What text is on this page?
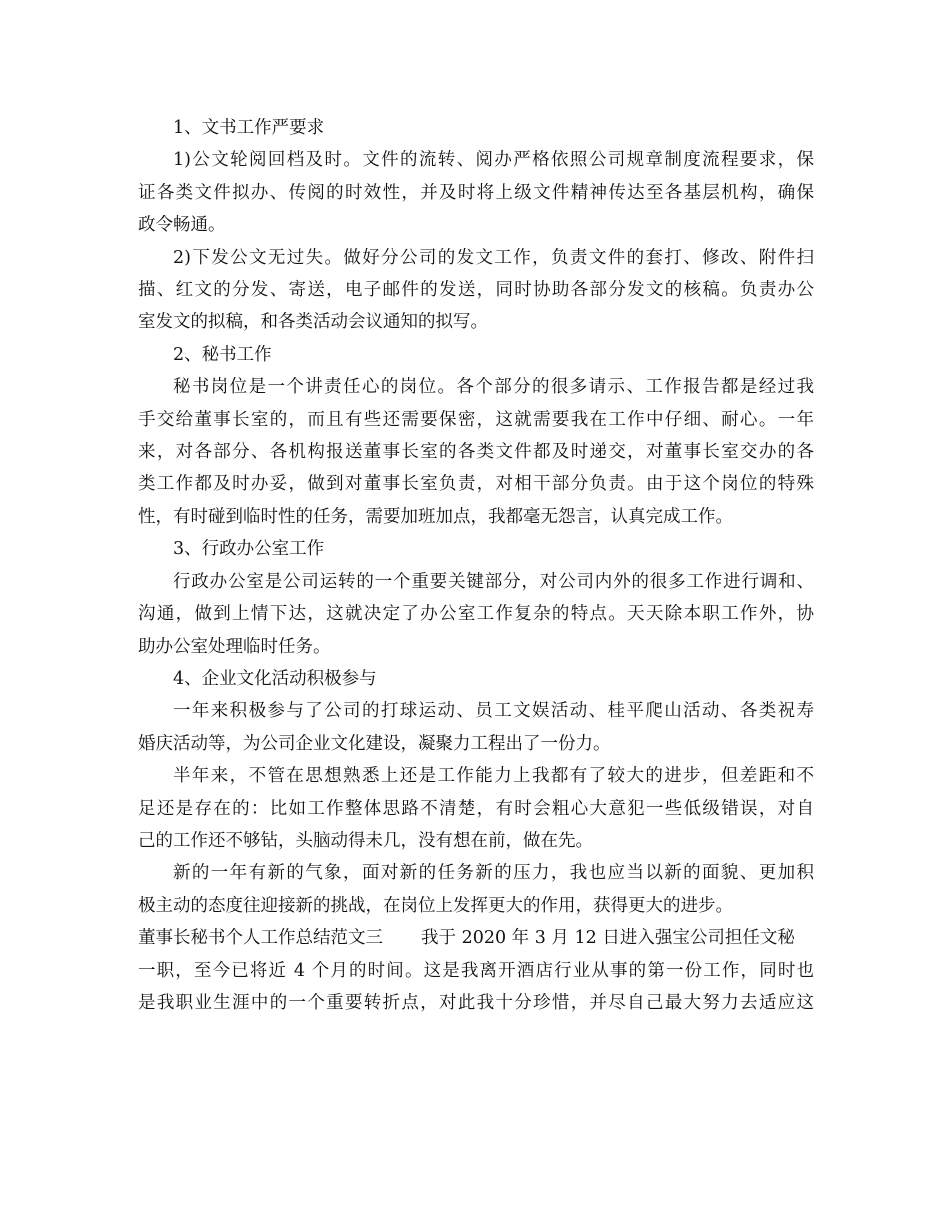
1、文书工作严要求
1)公文轮阅回档及时。文件的流转、阅办严格依照公司规章制度流程要求，保
证各类文件拟办、传阅的时效性，并及时将上级文件精神传达至各基层机构，确保
政令畅通。
2)下发公文无过失。做好分公司的发文工作，负责文件的套打、修改、附件扫
描、红文的分发、寄送，电子邮件的发送，同时协助各部分发文的核稿。负责办公
室发文的拟稿，和各类活动会议通知的拟写。
2、秘书工作
秘书岗位是一个讲责任心的岗位。各个部分的很多请示、工作报告都是经过我
手交给董事长室的，而且有些还需要保密，这就需要我在工作中仔细、耐心。一年
来，对各部分、各机构报送董事长室的各类文件都及时递交，对董事长室交办的各
类工作都及时办妥，做到对董事长室负责，对相干部分负责。由于这个岗位的特殊
性，有时碰到临时性的任务，需要加班加点，我都毫无怨言，认真完成工作。
3、行政办公室工作
行政办公室是公司运转的一个重要关键部分，对公司内外的很多工作进行调和、
沟通，做到上情下达，这就决定了办公室工作复杂的特点。天天除本职工作外，协
助办公室处理临时任务。
4、企业文化活动积极参与
一年来积极参与了公司的打球运动、员工文娱活动、桂平爬山活动、各类祝寿
婚庆活动等，为公司企业文化建设，凝聚力工程出了一份力。
半年来，不管在思想熟悉上还是工作能力上我都有了较大的进步，但差距和不
足还是存在的：比如工作整体思路不清楚，有时会粗心大意犯一些低级错误，对自
己的工作还不够钻，头脑动得未几，没有想在前，做在先。
新的一年有新的气象，面对新的任务新的压力，我也应当以新的面貌、更加积
极主动的态度往迎接新的挑战，在岗位上发挥更大的作用，获得更大的进步。
董事长秘书个人工作总结范文三 我于 2020 年 3 月 12 日进入强宝公司担任文秘
一职，至今已将近 4 个月的时间。这是我离开酒店行业从事的第一份工作，同时也
是我职业生涯中的一个重要转折点，对此我十分珍惜，并尽自己最大努力去适应这
